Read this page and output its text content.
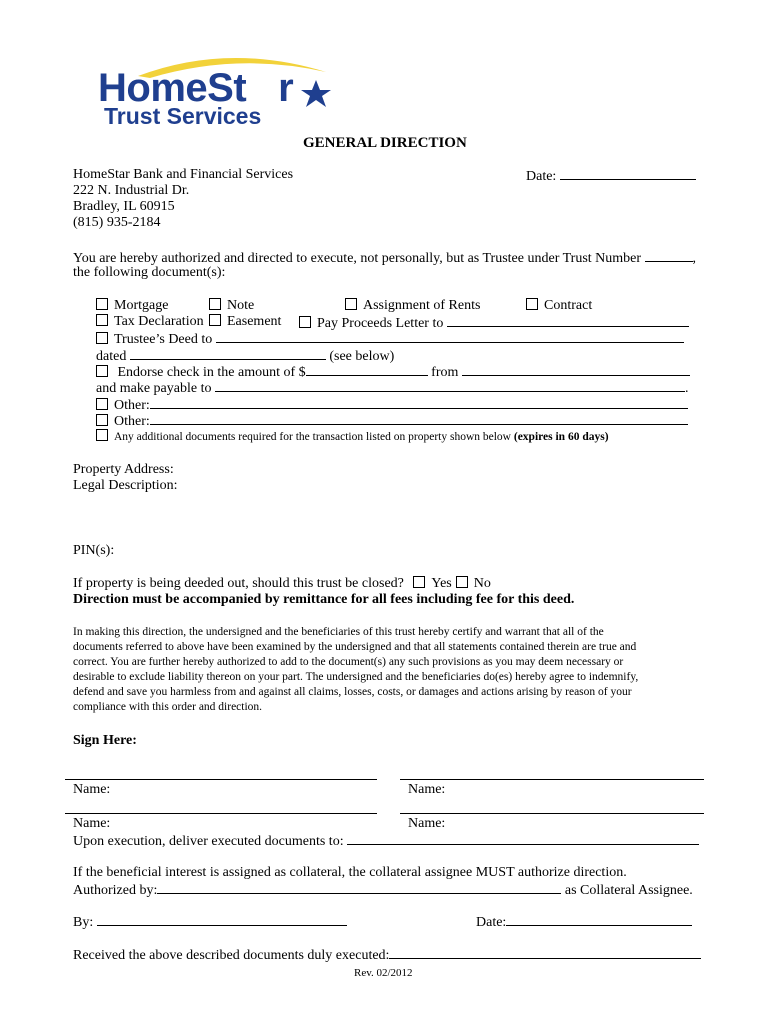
HomeSt r
Trust Services
GENERAL DIRECTION
HomeStar Bank and Financial Services
222 N. Industrial Dr.
Bradley, IL 60915
(815) 935-2184
Date:
You are hereby authorized and directed to execute, not personally, but as Trustee under Trust Number	,
the following document(s):
Mortgage	Note	Assignment of Rents	Contract
Tax Declaration	Easement	Pay Proceeds Letter to
Trustee’s Deed to
dated	(see below)
Endorse check in the amount of $	from
and make payable to	.
Other:
Other:
Any additional documents required for the transaction listed on property shown below (expires in 60 days)
Property Address:
Legal Description:
PIN(s):
If property is being deeded out, should this trust be closed? Yes No
Direction must be accompanied by remittance for all fees including fee for this deed.
In making this direction, the undersigned and the beneficiaries of this trust hereby certify and warrant that all of the
documents referred to above have been examined by the undersigned and that all statements contained therein are true and
correct. You are further hereby authorized to add to the document(s) any such provisions as you may deem necessary or
desirable to exclude liability thereon on your part. The undersigned and the beneficiaries do(es) hereby agree to indemnify,
defend and save you harmless from and against all claims, losses, costs, or damages and actions arising by reason of your
compliance with this order and direction.
Sign Here:
Name:	Name:
Name:	Name:
Upon execution, deliver executed documents to:
If the beneficial interest is assigned as collateral, the collateral assignee MUST authorize direction.
Authorized by:	as Collateral Assignee.
By:	Date:
Received the above described documents duly executed:
Rev. 02/2012
